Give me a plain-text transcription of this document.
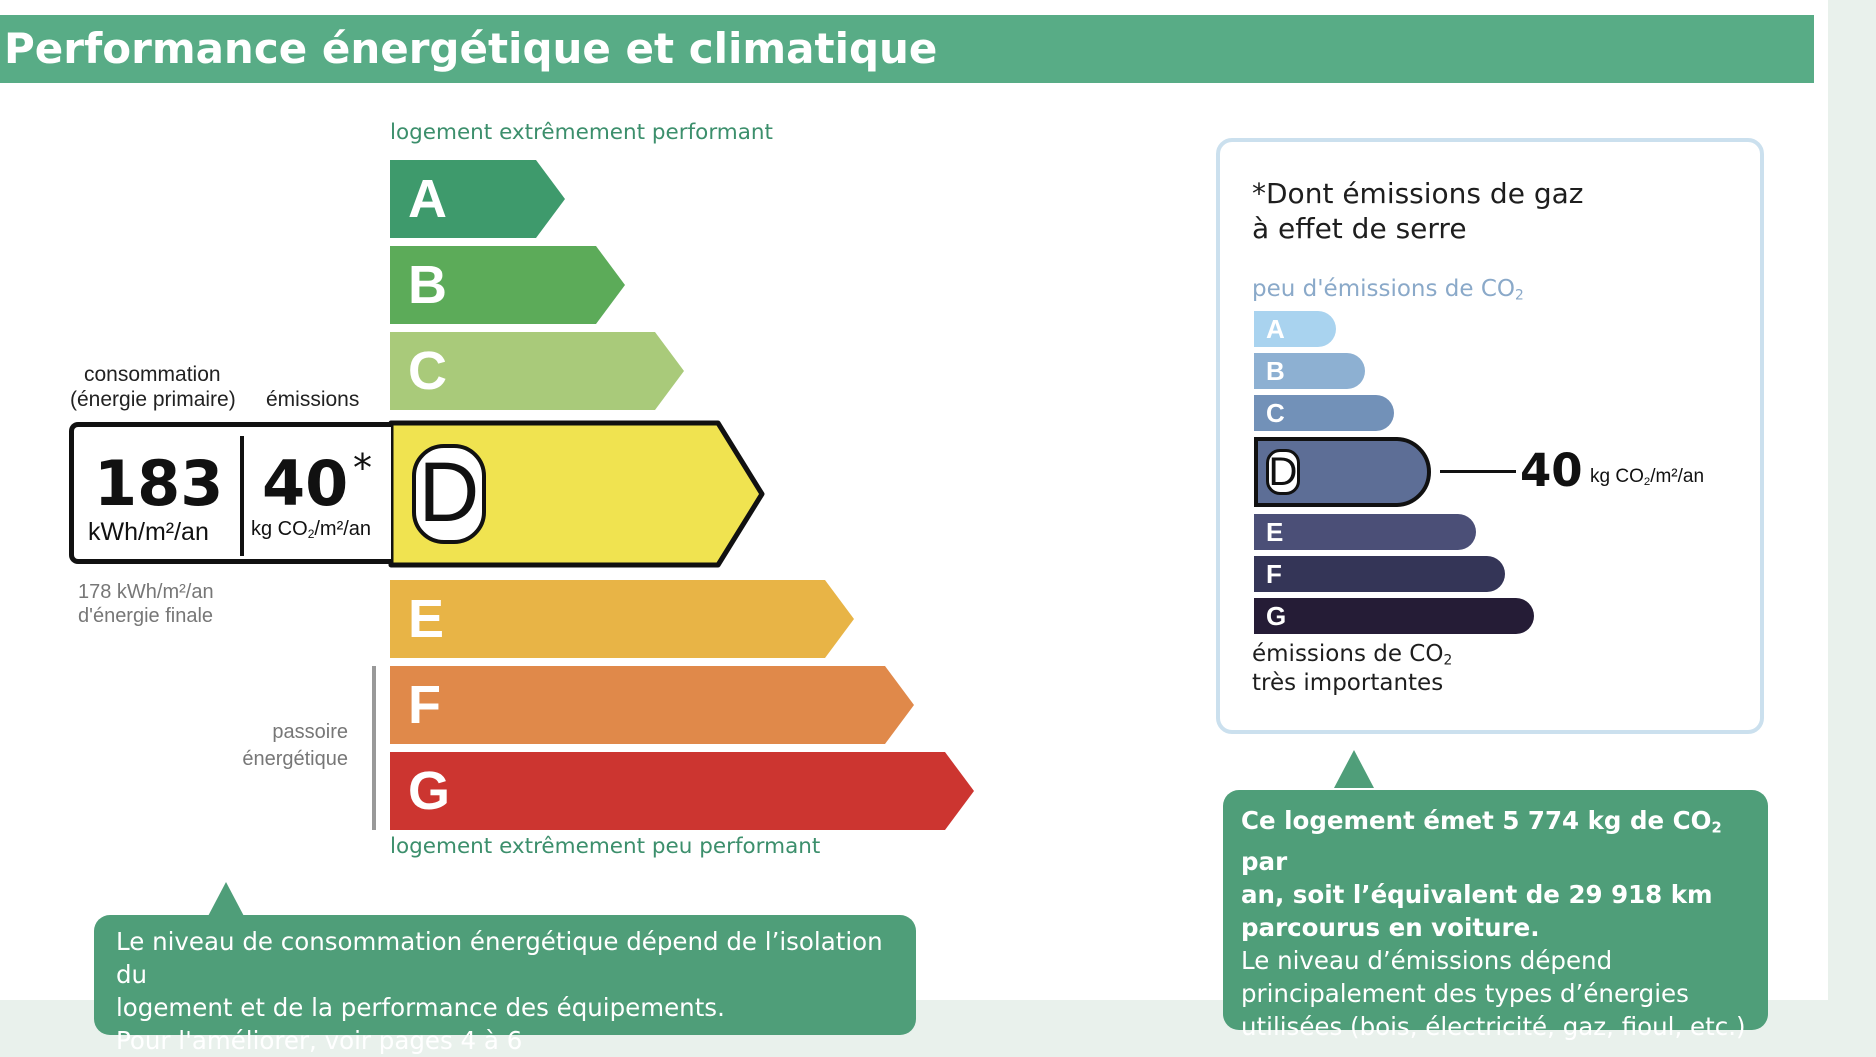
Performance énergétique et climatique
logement extrêmement performant
logement extrêmement peu performant
A
B
C
D
E
F
G
passoire
énergétique
consommation
(énergie primaire) émissions
183
kWh/m²/an
40 *
kg $CO_2/m^2/an$
178 kWh/m²/an
d'énergie finale
Le niveau de consommation énergétique dépend de l’isolation du
logement et de la performance des équipements.
Pour l'améliorer, voir pages 4 à 6
*Dont émissions de gaz
à effet de serre
peu d'émissions de $CO_2$
A
B
C
D	40 kg $CO_2/m^2/an$
E
F
G
émissions de $CO_2$
très importantes
Ce logement émet 5 774 kg de $CO_2$ par
an, soit l’équivalent de 29 918 km
parcourus en voiture.
Le niveau d’émissions dépend
principalement des types d’énergies
utilisées (bois, électricité, gaz, fioul, etc.)
